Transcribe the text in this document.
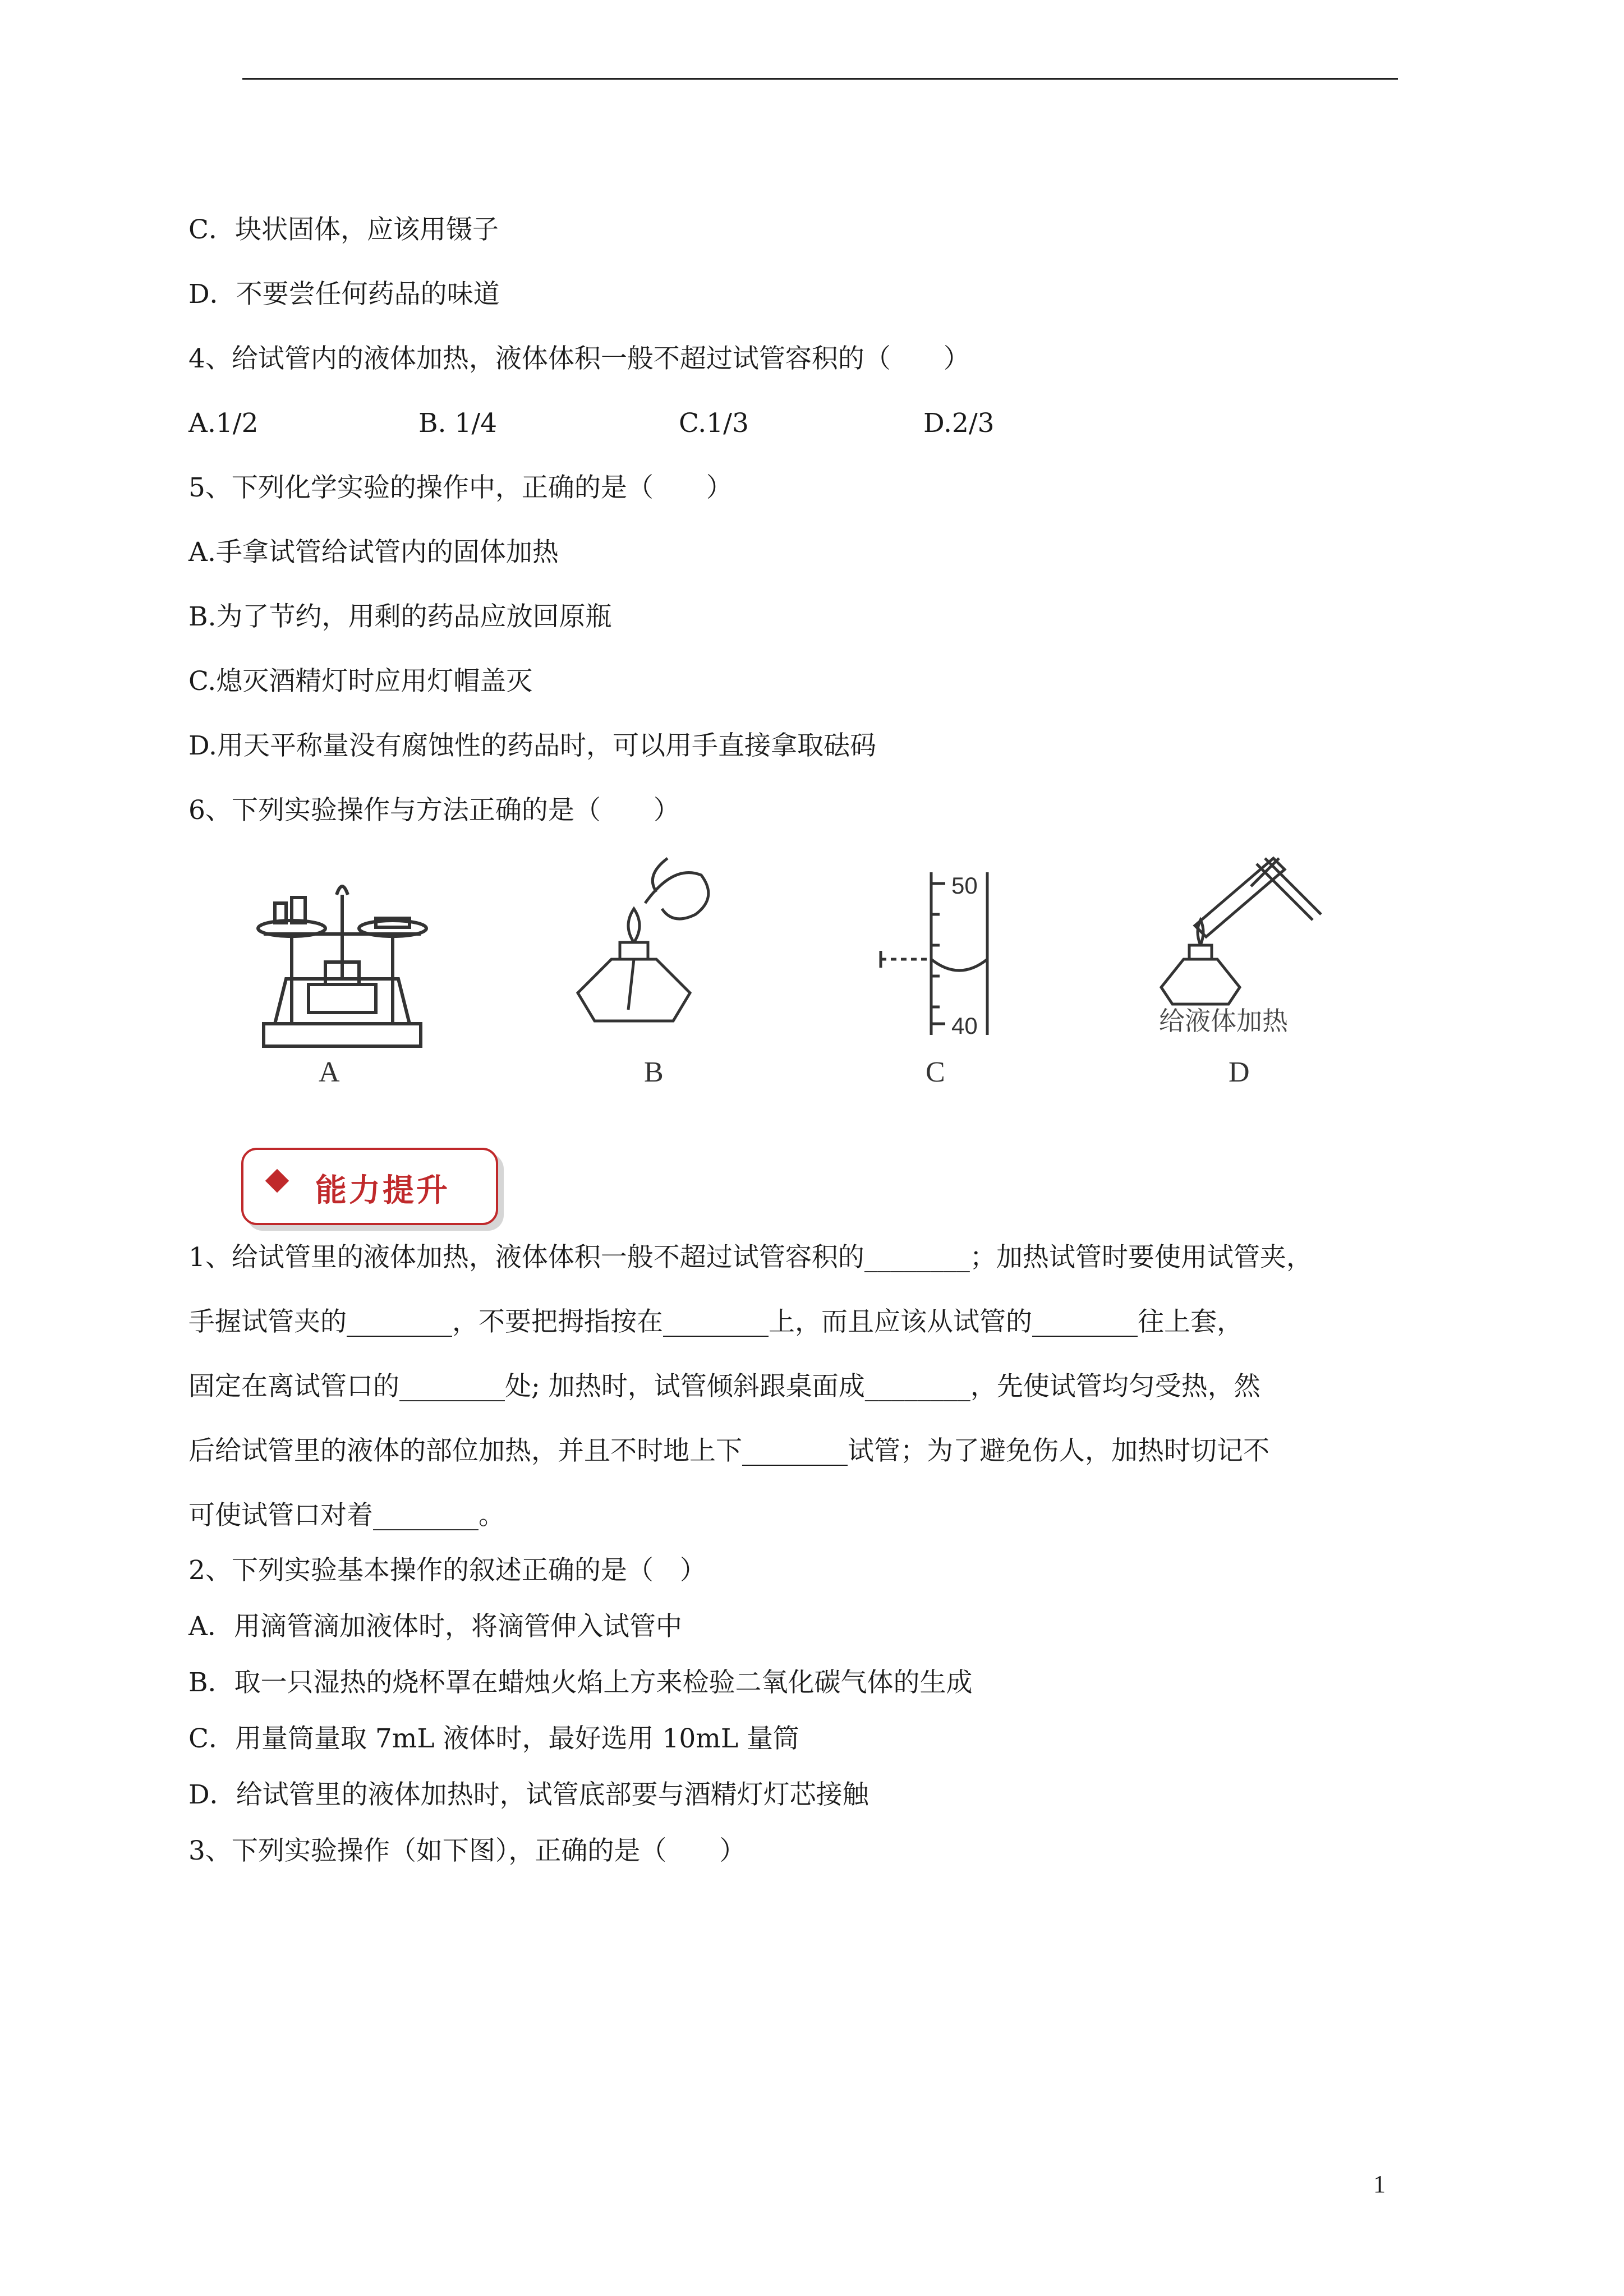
C．块状固体，应该用镊子
D．不要尝任何药品的味道
4、给试管内的液体加热，液体体积一般不超过试管容积的（　　）
A.1/2	B. 1/4	C.1/3	D.2/3
5、下列化学实验的操作中，正确的是（　　）
A.手拿试管给试管内的固体加热
B.为了节约，用剩的药品应放回原瓶
C.熄灭酒精灯时应用灯帽盖灭
D.用天平称量没有腐蚀性的药品时，可以用手直接拿取砝码
6、下列实验操作与方法正确的是（　　）
A	B
50
40
C
给液体加热
D
能力提升
1、给试管里的液体加热，液体体积一般不超过试管容积的________；加热试管时要使用试管夹，
手握试管夹的________，不要把拇指按在________上，而且应该从试管的________往上套，
固定在离试管口的________处; 加热时，试管倾斜跟桌面成________，先使试管均匀受热，然
后给试管里的液体的部位加热，并且不时地上下________试管；为了避免伤人，加热时切记不
可使试管口对着________。
2、下列实验基本操作的叙述正确的是（　）
A．用滴管滴加液体时，将滴管伸入试管中
B．取一只湿热的烧杯罩在蜡烛火焰上方来检验二氧化碳气体的生成
C．用量筒量取 7mL 液体时，最好选用 10mL 量筒
D．给试管里的液体加热时，试管底部要与酒精灯灯芯接触
3、下列实验操作（如下图），正确的是（　　）
1
